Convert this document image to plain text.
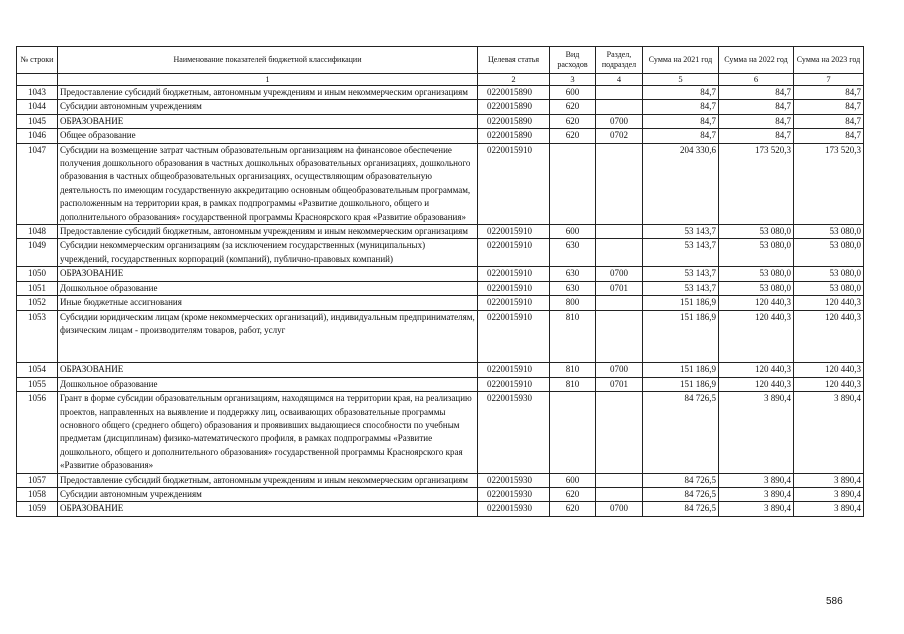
№ строки	Наименование показателей бюджетной классификации	Целевая статья	Вид расходов	Раздел, подраздел	Сумма на 2021 год	Сумма на 2022 год	Сумма на 2023 год
	1	2	3	4	5	6	7
1043	Предоставление субсидий бюджетным, автономным учреждениям и иным некоммерческим организациям	0220015890	600		84,7	84,7	84,7
1044	Субсидии автономным учреждениям	0220015890	620		84,7	84,7	84,7
1045	ОБРАЗОВАНИЕ	0220015890	620	0700	84,7	84,7	84,7
1046	Общее образование	0220015890	620	0702	84,7	84,7	84,7
1047	Субсидии на возмещение затрат частным образовательным организациям на финансовое обеспечение получения дошкольного образования в частных дошкольных образовательных организациях, дошкольного образования в частных общеобразовательных организациях, осуществляющим образовательную деятельность по имеющим государственную аккредитацию основным общеобразовательным программам, расположенным на территории края, в рамках подпрограммы «Развитие дошкольного, общего и дополнительного образования» государственной программы Красноярского края «Развитие образования»	0220015910			204 330,6	173 520,3	173 520,3
1048	Предоставление субсидий бюджетным, автономным учреждениям и иным некоммерческим организациям	0220015910	600		53 143,7	53 080,0	53 080,0
1049	Субсидии некоммерческим организациям (за исключением государственных (муниципальных) учреждений, государственных корпораций (компаний), публично-правовых компаний)	0220015910	630		53 143,7	53 080,0	53 080,0
1050	ОБРАЗОВАНИЕ	0220015910	630	0700	53 143,7	53 080,0	53 080,0
1051	Дошкольное образование	0220015910	630	0701	53 143,7	53 080,0	53 080,0
1052	Иные бюджетные ассигнования	0220015910	800		151 186,9	120 440,3	120 440,3
1053	Субсидии юридическим лицам (кроме некоммерческих организаций), индивидуальным предпринимателям, физическим лицам - производителям товаров, работ, услуг	0220015910	810		151 186,9	120 440,3	120 440,3
1054	ОБРАЗОВАНИЕ	0220015910	810	0700	151 186,9	120 440,3	120 440,3
1055	Дошкольное образование	0220015910	810	0701	151 186,9	120 440,3	120 440,3
1056	Грант в форме субсидии образовательным организациям, находящимся на территории края, на реализацию проектов, направленных на выявление и поддержку лиц, осваивающих образовательные программы основного общего (среднего общего) образования и проявивших выдающиеся способности по учебным предметам (дисциплинам) физико-математического профиля, в рамках подпрограммы «Развитие дошкольного, общего и дополнительного образования» государственной программы Красноярского края «Развитие образования»	0220015930			84 726,5	3 890,4	3 890,4
1057	Предоставление субсидий бюджетным, автономным учреждениям и иным некоммерческим организациям	0220015930	600		84 726,5	3 890,4	3 890,4
1058	Субсидии автономным учреждениям	0220015930	620		84 726,5	3 890,4	3 890,4
1059	ОБРАЗОВАНИЕ	0220015930	620	0700	84 726,5	3 890,4	3 890,4
586
